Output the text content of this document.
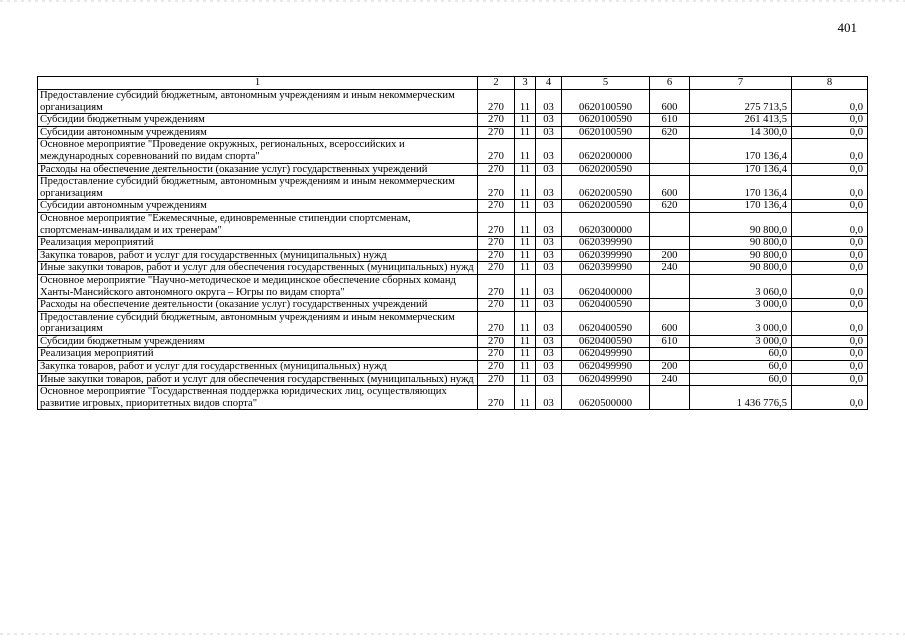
401
1	2	3	4	5	6	7	8
Предоставление субсидий бюджетным, автономным учреждениям и иным некоммерческим организациям	270	11	03	0620100590	600	275 713,5	0,0
Субсидии бюджетным учреждениям	270	11	03	0620100590	610	261 413,5	0,0
Субсидии автономным учреждениям	270	11	03	0620100590	620	14 300,0	0,0
Основное мероприятие "Проведение окружных, региональных, всероссийских и международных соревнований по видам спорта"	270	11	03	0620200000		170 136,4	0,0
Расходы на обеспечение деятельности (оказание услуг) государственных учреждений	270	11	03	0620200590		170 136,4	0,0
Предоставление субсидий бюджетным, автономным учреждениям и иным некоммерческим организациям	270	11	03	0620200590	600	170 136,4	0,0
Субсидии автономным учреждениям	270	11	03	0620200590	620	170 136,4	0,0
Основное мероприятие "Ежемесячные, единовременные стипендии спортсменам, спортсменам-инвалидам и их тренерам"	270	11	03	0620300000		90 800,0	0,0
Реализация мероприятий	270	11	03	0620399990		90 800,0	0,0
Закупка товаров, работ и услуг для государственных (муниципальных) нужд	270	11	03	0620399990	200	90 800,0	0,0
Иные закупки товаров, работ и услуг для обеспечения государственных (муниципальных) нужд	270	11	03	0620399990	240	90 800,0	0,0
Основное мероприятие "Научно-методическое и медицинское обеспечение сборных команд Ханты-Мансийского автономного округа – Югры по видам спорта"	270	11	03	0620400000		3 060,0	0,0
Расходы на обеспечение деятельности (оказание услуг) государственных учреждений	270	11	03	0620400590		3 000,0	0,0
Предоставление субсидий бюджетным, автономным учреждениям и иным некоммерческим организациям	270	11	03	0620400590	600	3 000,0	0,0
Субсидии бюджетным учреждениям	270	11	03	0620400590	610	3 000,0	0,0
Реализация мероприятий	270	11	03	0620499990		60,0	0,0
Закупка товаров, работ и услуг для государственных (муниципальных) нужд	270	11	03	0620499990	200	60,0	0,0
Иные закупки товаров, работ и услуг для обеспечения государственных (муниципальных) нужд	270	11	03	0620499990	240	60,0	0,0
Основное мероприятие "Государственная поддержка юридических лиц, осуществляющих развитие игровых, приоритетных видов спорта"	270	11	03	0620500000		1 436 776,5	0,0
